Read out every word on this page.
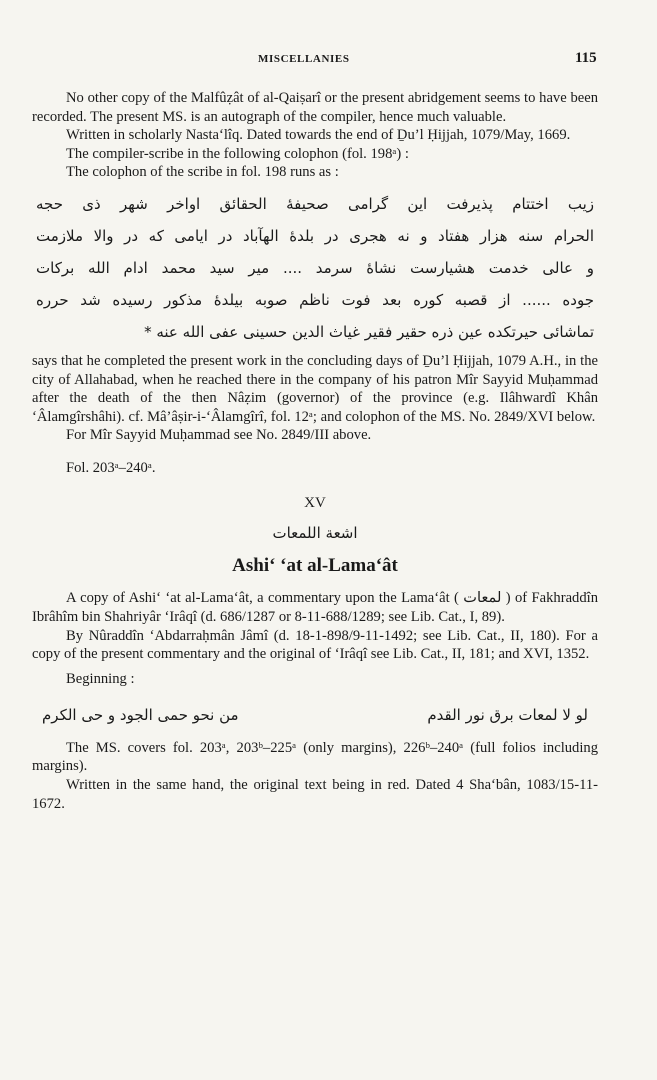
MISCELLANIES	115

No other copy of the Malfûẓât of al-Qaiṣarî or the present abridgement seems to have been recorded. The present MS. is an autograph of the compiler, hence much valuable.

Written in scholarly Nasta‘lîq. Dated towards the end of Ḏu’l Ḥijjah, 1079/May, 1669.

The compiler-scribe in the following colophon (fol. 198ᵃ) :

The colophon of the scribe in fol. 198 runs as :

زیب اختتام پذیرفت این گرامی صحیفهٔ الحقائق اواخر شهر ذی حجه
الحرام سنه هزار هفتاد و نه هجری در بلدهٔ الهآباد در ایامی که در والا ملازمت
و عالی خدمت هشیارست نشاهٔ سرمد .... میر سید محمد ادام الله برکات
جوده ...... از قصبه کوره بعد فوت ناظم صوبه بیلدهٔ مذکور رسیده شد حرره
تماشائی حیرتکده عین ذره حقیر فقیر غیاث الدین حسینی عفی الله عنه *

says that he completed the present work in the concluding days of Ḏu’l Ḥijjah, 1079 A.H., in the city of Allahabad, when he reached there in the company of his patron Mîr Sayyid Muḥammad after the death of the then Nâẓim (governor) of the province (e.g. Ilâhwardî Khân ‘Âlamgîrshâhi). cf. Mâ’âṣir-i-‘Âlamgîrî, fol. 12ᵃ; and colophon of the MS. No. 2849/XVI below.

For Mîr Sayyid Muḥammad see No. 2849/III above.

Fol. 203ᵃ–240ᵃ.

XV
اشعة اللمعات
Ashi‘ ‘at al-Lama‘ât

A copy of Ashi‘ ‘at al-Lama‘ât, a commentary upon the Lama‘ât ( لمعات ) of Fakhraddîn Ibrâhîm bin Shahriyâr ‘Irâqî (d. 686/1287 or 8-11-688/1289; see Lib. Cat., I, 89).

By Nûraddîn ‘Abdarraḥmân Jâmî (d. 18-1-898/9-11-1492; see Lib. Cat., II, 180). For a copy of the present commentary and the original of ‘Irâqî see Lib. Cat., II, 181; and XVI, 1352.

Beginning :

لو لا لمعات برق نور القدم
من نحو حمى الجود و حى الكرم

The MS. covers fol. 203ᵃ, 203ᵇ–225ᵃ (only margins), 226ᵇ–240ᵃ (full folios including margins).

Written in the same hand, the original text being in red. Dated 4 Sha‘bân, 1083/15-11-1672.
